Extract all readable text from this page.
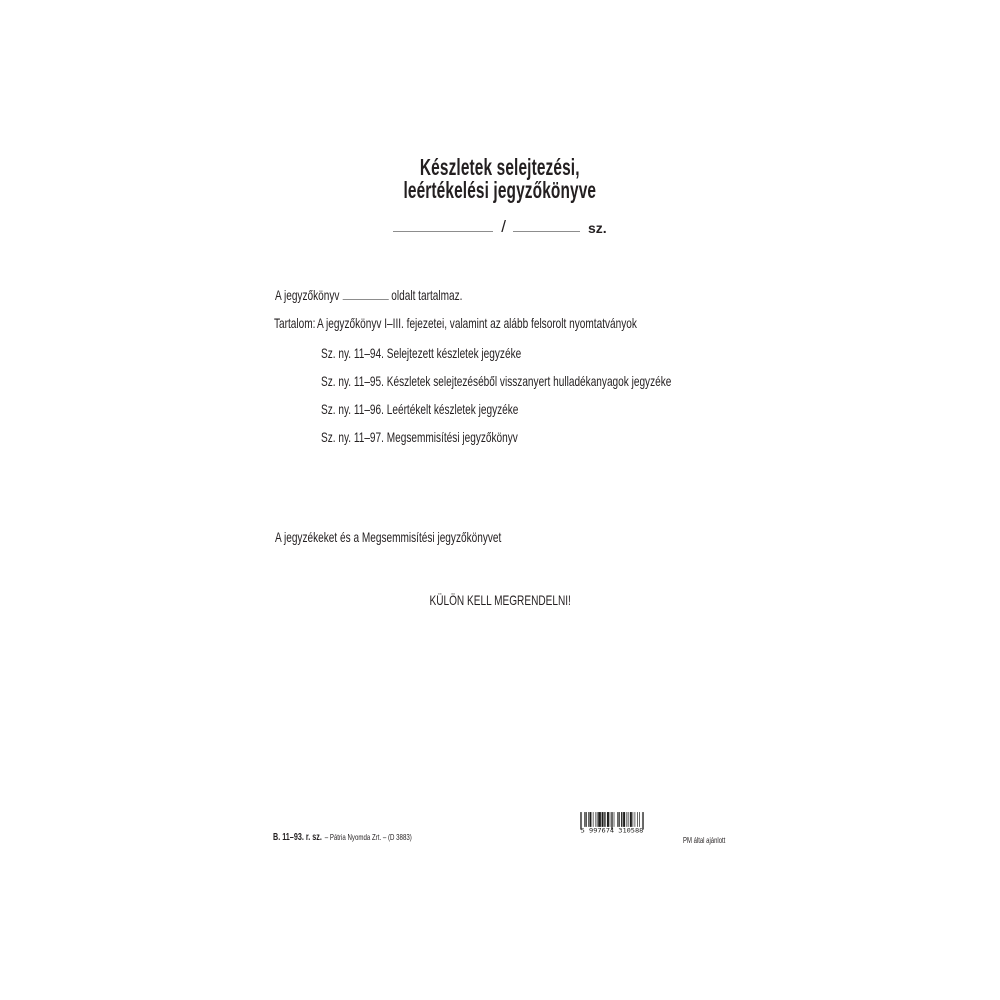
Készletek selejtezési,
leértékelési jegyzőkönyve
/	sz.
A jegyzőkönyv	oldalt tartalmaz.
Tartalom: A jegyzőkönyv I–III. fejezetei, valamint az alább felsorolt nyomtatványok
Sz. ny. 11–94. Selejtezett készletek jegyzéke
Sz. ny. 11–95. Készletek selejtezéséből visszanyert hulladékanyagok jegyzéke
Sz. ny. 11–96. Leértékelt készletek jegyzéke
Sz. ny. 11–97. Megsemmisítési jegyzőkönyv
A jegyzékeket és a Megsemmisítési jegyzőkönyvet
KÜLÖN KELL MEGRENDELNI!
B. 11–93. r. sz. – Pátria Nyomda Zrt. – (D 3883)
5 997674 310588
PM által ajánlott
